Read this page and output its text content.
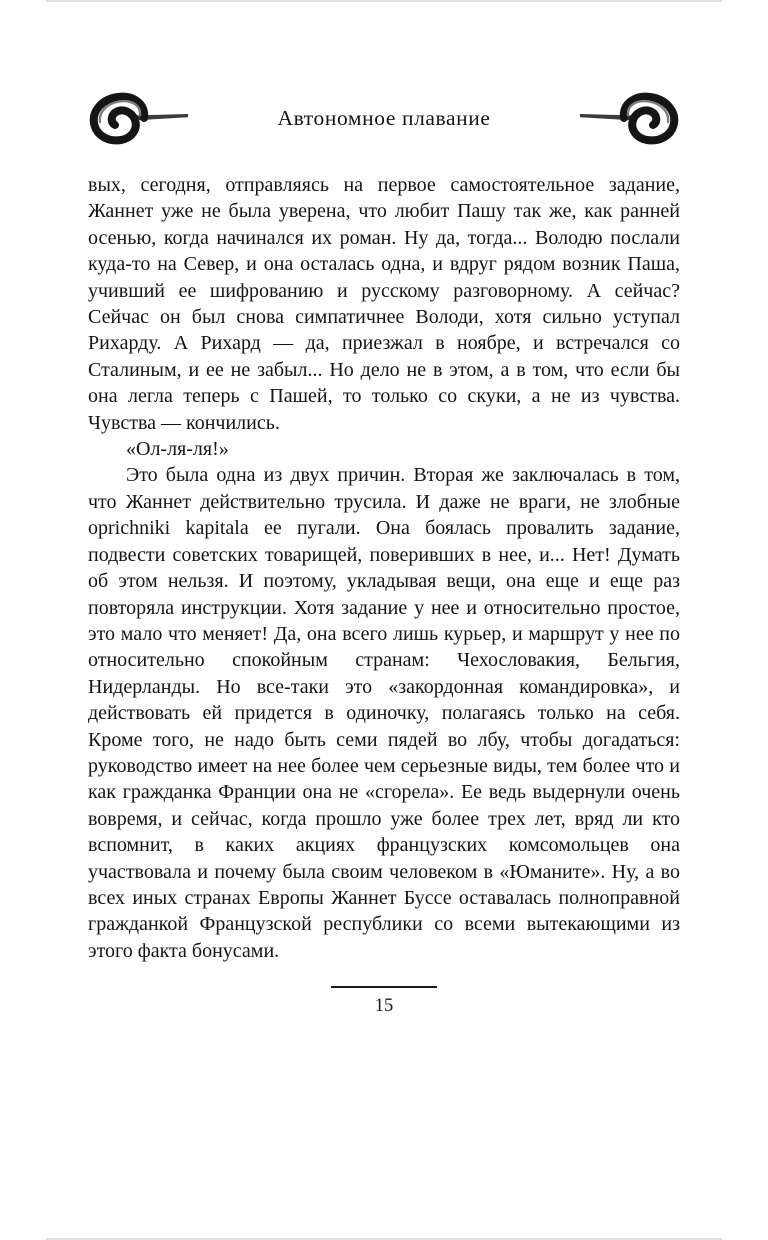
Автономное плавание

вых, сегодня, отправляясь на первое самостоятельное задание, Жаннет уже не была уверена, что любит Пашу так же, как ранней осенью, когда начинался их роман. Ну да, тогда... Володю послали куда-то на Север, и она осталась одна, и вдруг рядом возник Паша, учивший ее шифрованию и русскому разговорному. А сейчас? Сейчас он был снова симпатичнее Володи, хотя сильно уступал Рихарду. А Рихард — да, приезжал в ноябре, и встречался со Сталиным, и ее не забыл... Но дело не в этом, а в том, что если бы она легла теперь с Пашей, то только со скуки, а не из чувства. Чувства — кончились.

«Ол-ля-ля!»

Это была одна из двух причин. Вторая же заключалась в том, что Жаннет действительно трусила. И даже не враги, не злобные oprichniki kapitala ее пугали. Она боялась провалить задание, подвести советских товарищей, поверивших в нее, и... Нет! Думать об этом нельзя. И поэтому, укладывая вещи, она еще и еще раз повторяла инструкции. Хотя задание у нее и относительно простое, это мало что меняет! Да, она всего лишь курьер, и маршрут у нее по относительно спокойным странам: Чехословакия, Бельгия, Нидерланды. Но все-таки это «закордонная командировка», и действовать ей придется в одиночку, полагаясь только на себя. Кроме того, не надо быть семи пядей во лбу, чтобы догадаться: руководство имеет на нее более чем серьезные виды, тем более что и как гражданка Франции она не «сгорела». Ее ведь выдернули очень вовремя, и сейчас, когда прошло уже более трех лет, вряд ли кто вспомнит, в каких акциях французских комсомольцев она участвовала и почему была своим человеком в «Юманите». Ну, а во всех иных странах Европы Жаннет Буссе оставалась полноправной гражданкой Французской республики со всеми вытекающими из этого факта бонусами.

15
